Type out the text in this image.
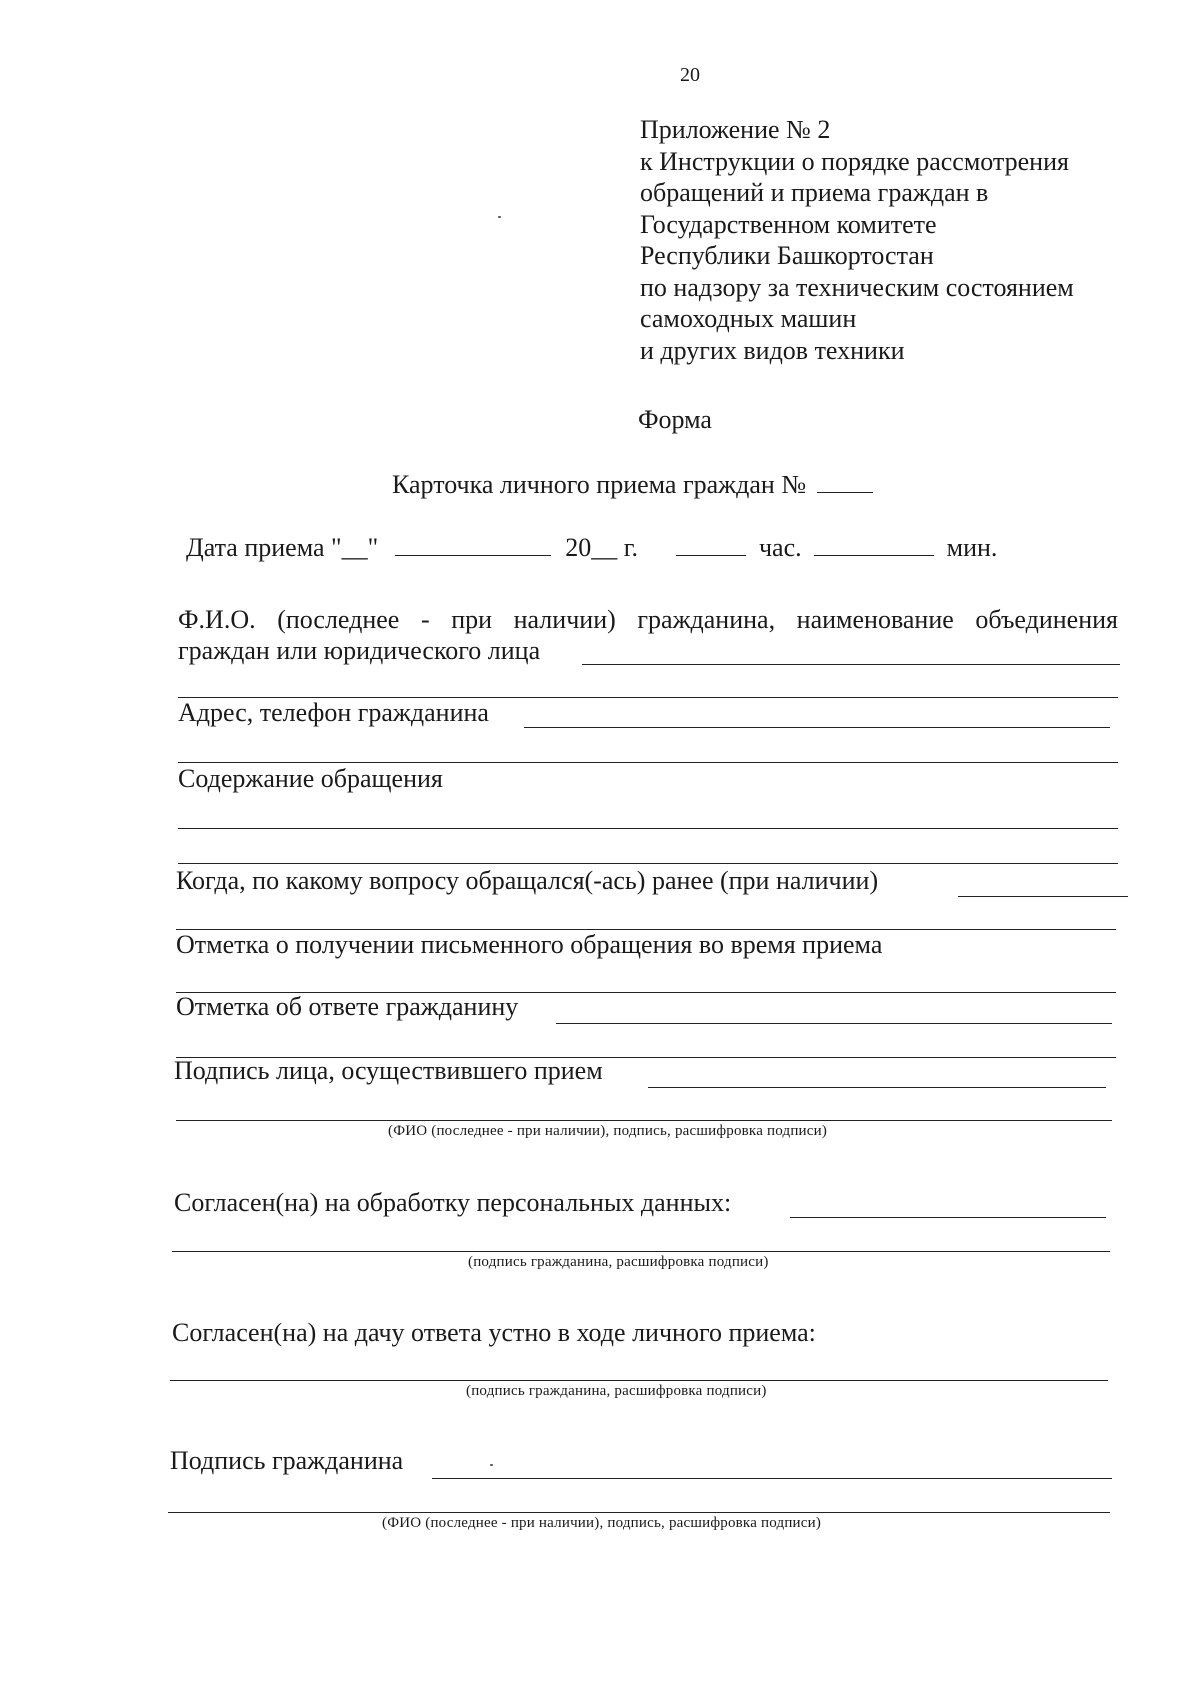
20
Приложение № 2
к Инструкции о порядке рассмотрения
обращений и приема граждан в
Государственном комитете
Республики Башкортостан
по надзору за техническим состоянием
самоходных машин
и других видов техники
Форма
Карточка личного приема граждан №
Дата приема "__"	20__ г.	час.	мин.
Ф.И.О. (последнее - при наличии) гражданина, наименование объединения
граждан или юридического лица
Адрес, телефон гражданина
Содержание обращения
Когда, по какому вопросу обращался(-ась) ранее (при наличии)
Отметка о получении письменного обращения во время приема
Отметка об ответе гражданину
Подпись лица, осуществившего прием
(ФИО (последнее - при наличии), подпись, расшифровка подписи)
Согласен(на) на обработку персональных данных:
(подпись гражданина, расшифровка подписи)
Согласен(на) на дачу ответа устно в ходе личного приема:
(подпись гражданина, расшифровка подписи)
Подпись гражданина
(ФИО (последнее - при наличии), подпись, расшифровка подписи)
